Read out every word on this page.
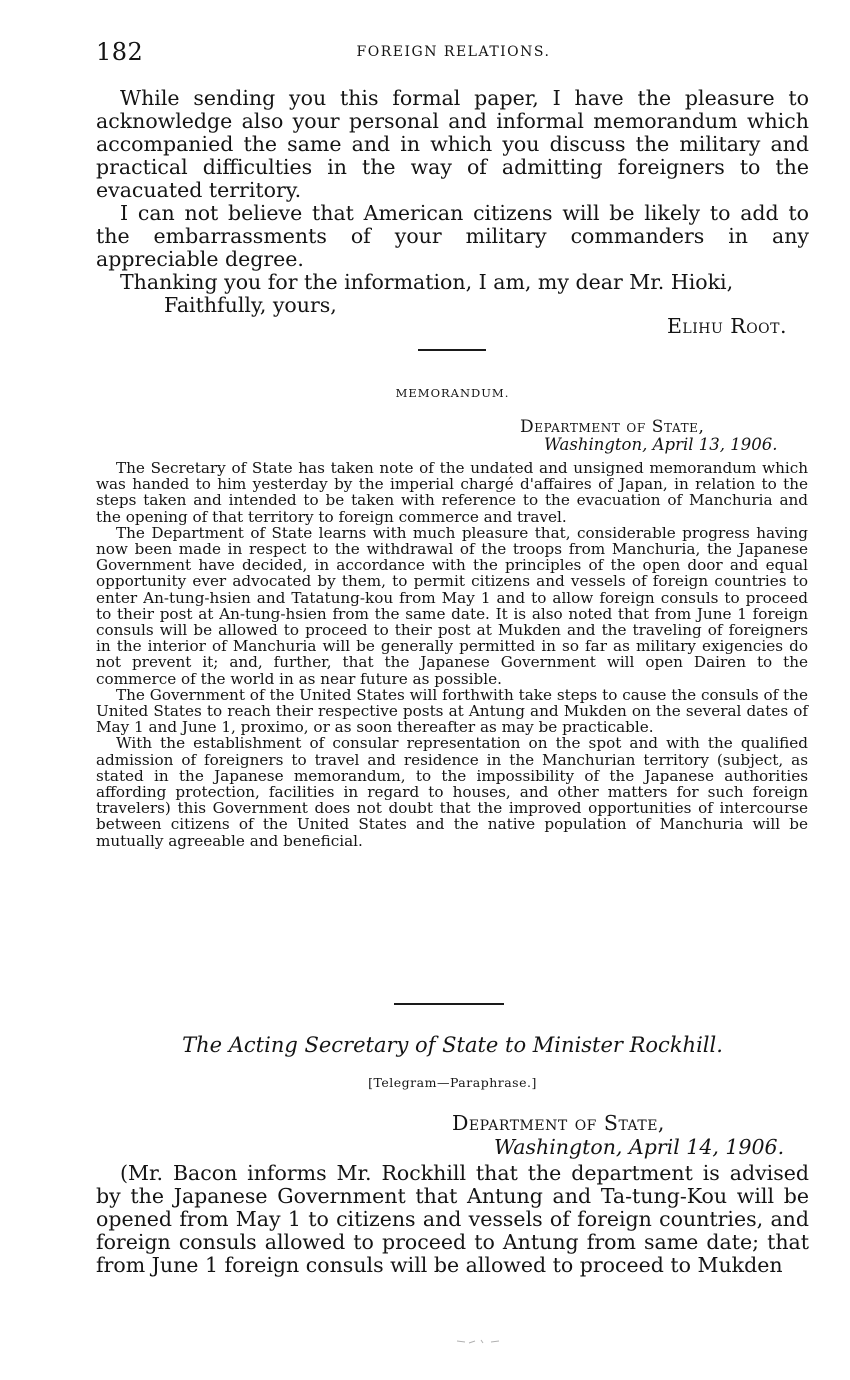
182	FOREIGN RELATIONS.

While sending you this formal paper, I have the pleasure to acknowledge also your personal and informal memorandum which accompanied the same and in which you discuss the military and practical difficulties in the way of admitting foreigners to the evacuated territory.

I can not believe that American citizens will be likely to add to the embarrassments of your military commanders in any appreciable degree.

Thanking you for the information, I am, my dear Mr. Hioki,

Faithfully, yours,

Elihu Root.

MEMORANDUM.
Department of State,
Washington, April 13, 1906.

The Secretary of State has taken note of the undated and unsigned memorandum which was handed to him yesterday by the imperial chargé d'affaires of Japan, in relation to the steps taken and intended to be taken with reference to the evacuation of Manchuria and the opening of that territory to foreign commerce and travel.

The Department of State learns with much pleasure that, considerable progress having now been made in respect to the withdrawal of the troops from Manchuria, the Japanese Government have decided, in accordance with the principles of the open door and equal opportunity ever advocated by them, to permit citizens and vessels of foreign countries to enter An-tung-hsien and Tatatung-kou from May 1 and to allow foreign consuls to proceed to their post at An-tung-hsien from the same date. It is also noted that from June 1 foreign consuls will be allowed to proceed to their post at Mukden and the traveling of foreigners in the interior of Manchuria will be generally permitted in so far as military exigencies do not prevent it; and, further, that the Japanese Government will open Dairen to the commerce of the world in as near future as possible.

The Government of the United States will forthwith take steps to cause the consuls of the United States to reach their respective posts at Antung and Mukden on the several dates of May 1 and June 1, proximo, or as soon thereafter as may be practicable.

With the establishment of consular representation on the spot and with the qualified admission of foreigners to travel and residence in the Manchurian territory (subject, as stated in the Japanese memorandum, to the impossibility of the Japanese authorities affording protection, facilities in regard to houses, and other matters for such foreign travelers) this Government does not doubt that the improved opportunities of intercourse between citizens of the United States and the native population of Manchuria will be mutually agreeable and beneficial.

The Acting Secretary of State to Minister Rockhill.
[Telegram—Paraphrase.]
Department of State,
Washington, April 14, 1906.

(Mr. Bacon informs Mr. Rockhill that the department is advised by the Japanese Government that Antung and Ta-tung-Kou will be opened from May 1 to citizens and vessels of foreign countries, and foreign consuls allowed to proceed to Antung from same date; that from June 1 foreign consuls will be allowed to proceed to Mukden
